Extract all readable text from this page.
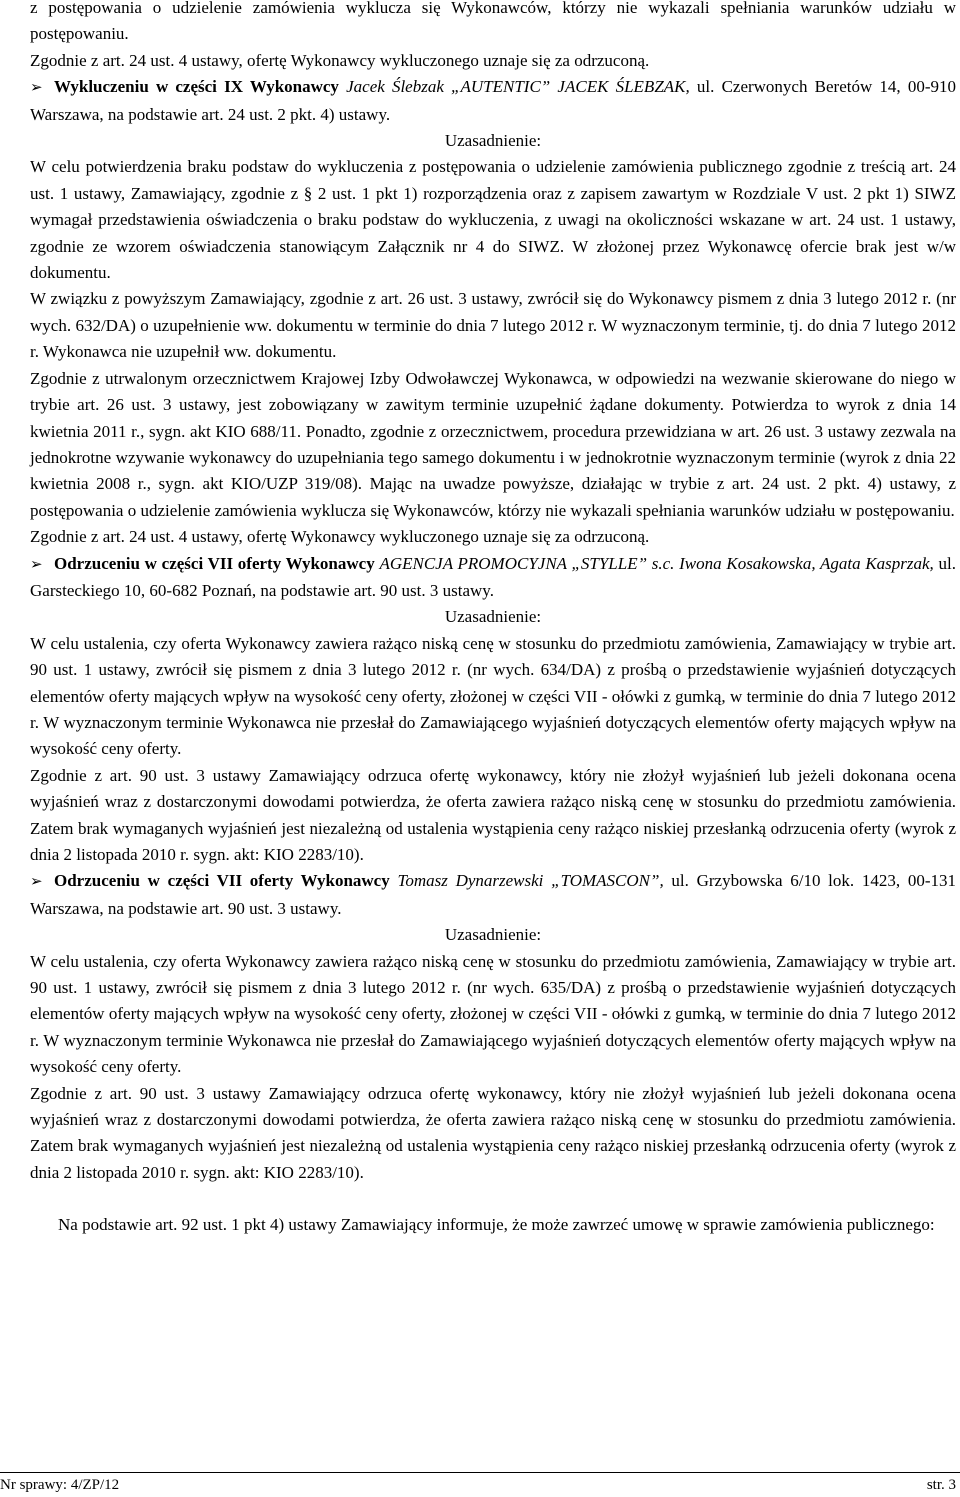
z postępowania o udzielenie zamówienia wyklucza się Wykonawców, którzy nie wykazali spełniania warunków udziału w postępowaniu.

Zgodnie z art. 24 ust. 4 ustawy, ofertę Wykonawcy wykluczonego uznaje się za odrzuconą.

➢ Wykluczeniu w części IX Wykonawcy Jacek Ślebzak „AUTENTIC” JACEK ŚLEBZAK, ul. Czerwonych Beretów 14, 00-910 Warszawa, na podstawie art. 24 ust. 2 pkt. 4) ustawy.

Uzasadnienie:

W celu potwierdzenia braku podstaw do wykluczenia z postępowania o udzielenie zamówienia publicznego zgodnie z treścią art. 24 ust. 1 ustawy, Zamawiający, zgodnie z § 2 ust. 1 pkt 1) rozporządzenia oraz z zapisem zawartym w Rozdziale V ust. 2 pkt 1) SIWZ wymagał przedstawienia oświadczenia o braku podstaw do wykluczenia, z uwagi na okoliczności wskazane w art. 24 ust. 1 ustawy, zgodnie ze wzorem oświadczenia stanowiącym Załącznik nr 4 do SIWZ. W złożonej przez Wykonawcę ofercie brak jest w/w dokumentu.

W związku z powyższym Zamawiający, zgodnie z art. 26 ust. 3 ustawy, zwrócił się do Wykonawcy pismem z dnia 3 lutego 2012 r. (nr wych. 632/DA) o uzupełnienie ww. dokumentu w terminie do dnia 7 lutego 2012 r. W wyznaczonym terminie, tj. do dnia 7 lutego 2012 r. Wykonawca nie uzupełnił ww. dokumentu.

Zgodnie z utrwalonym orzecznictwem Krajowej Izby Odwoławczej Wykonawca, w odpowiedzi na wezwanie skierowane do niego w trybie art. 26 ust. 3 ustawy, jest zobowiązany w zawitym terminie uzupełnić żądane dokumenty. Potwierdza to wyrok z dnia 14 kwietnia 2011 r., sygn. akt KIO 688/11. Ponadto, zgodnie z orzecznictwem, procedura przewidziana w art. 26 ust. 3 ustawy zezwala na jednokrotne wzywanie wykonawcy do uzupełniania tego samego dokumentu i w jednokrotnie wyznaczonym terminie (wyrok z dnia 22 kwietnia 2008 r., sygn. akt KIO/UZP 319/08). Mając na uwadze powyższe, działając w trybie z art. 24 ust. 2 pkt. 4) ustawy, z postępowania o udzielenie zamówienia wyklucza się Wykonawców, którzy nie wykazali spełniania warunków udziału w postępowaniu.

Zgodnie z art. 24 ust. 4 ustawy, ofertę Wykonawcy wykluczonego uznaje się za odrzuconą.

➢ Odrzuceniu w części VII oferty Wykonawcy AGENCJA PROMOCYJNA „STYLLE” s.c. Iwona Kosakowska, Agata Kasprzak, ul. Garsteckiego 10, 60-682 Poznań, na podstawie art. 90 ust. 3 ustawy.

Uzasadnienie:

W celu ustalenia, czy oferta Wykonawcy zawiera rażąco niską cenę w stosunku do przedmiotu zamówienia, Zamawiający w trybie art. 90 ust. 1 ustawy, zwrócił się pismem z dnia 3 lutego 2012 r. (nr wych. 634/DA) z prośbą o przedstawienie wyjaśnień dotyczących elementów oferty mających wpływ na wysokość ceny oferty, złożonej w części VII - ołówki z gumką, w terminie do dnia 7 lutego 2012 r. W wyznaczonym terminie Wykonawca nie przesłał do Zamawiającego wyjaśnień dotyczących elementów oferty mających wpływ na wysokość ceny oferty.

Zgodnie z art. 90 ust. 3 ustawy Zamawiający odrzuca ofertę wykonawcy, który nie złożył wyjaśnień lub jeżeli dokonana ocena wyjaśnień wraz z dostarczonymi dowodami potwierdza, że oferta zawiera rażąco niską cenę w stosunku do przedmiotu zamówienia. Zatem brak wymaganych wyjaśnień jest niezależną od ustalenia wystąpienia ceny rażąco niskiej przesłanką odrzucenia oferty (wyrok z dnia 2 listopada 2010 r. sygn. akt: KIO 2283/10).

➢ Odrzuceniu w części VII oferty Wykonawcy Tomasz Dynarzewski „TOMASCON”, ul. Grzybowska 6/10 lok. 1423, 00-131 Warszawa, na podstawie art. 90 ust. 3 ustawy.

Uzasadnienie:

W celu ustalenia, czy oferta Wykonawcy zawiera rażąco niską cenę w stosunku do przedmiotu zamówienia, Zamawiający w trybie art. 90 ust. 1 ustawy, zwrócił się pismem z dnia 3 lutego 2012 r. (nr wych. 635/DA) z prośbą o przedstawienie wyjaśnień dotyczących elementów oferty mających wpływ na wysokość ceny oferty, złożonej w części VII - ołówki z gumką, w terminie do dnia 7 lutego 2012 r. W wyznaczonym terminie Wykonawca nie przesłał do Zamawiającego wyjaśnień dotyczących elementów oferty mających wpływ na wysokość ceny oferty.

Zgodnie z art. 90 ust. 3 ustawy Zamawiający odrzuca ofertę wykonawcy, który nie złożył wyjaśnień lub jeżeli dokonana ocena wyjaśnień wraz z dostarczonymi dowodami potwierdza, że oferta zawiera rażąco niską cenę w stosunku do przedmiotu zamówienia. Zatem brak wymaganych wyjaśnień jest niezależną od ustalenia wystąpienia ceny rażąco niskiej przesłanką odrzucenia oferty (wyrok z dnia 2 listopada 2010 r. sygn. akt: KIO 2283/10).

Na podstawie art. 92 ust. 1 pkt 4) ustawy Zamawiający informuje, że może zawrzeć umowę w sprawie zamówienia publicznego:

Nr sprawy: 4/ZP/12	str. 3
